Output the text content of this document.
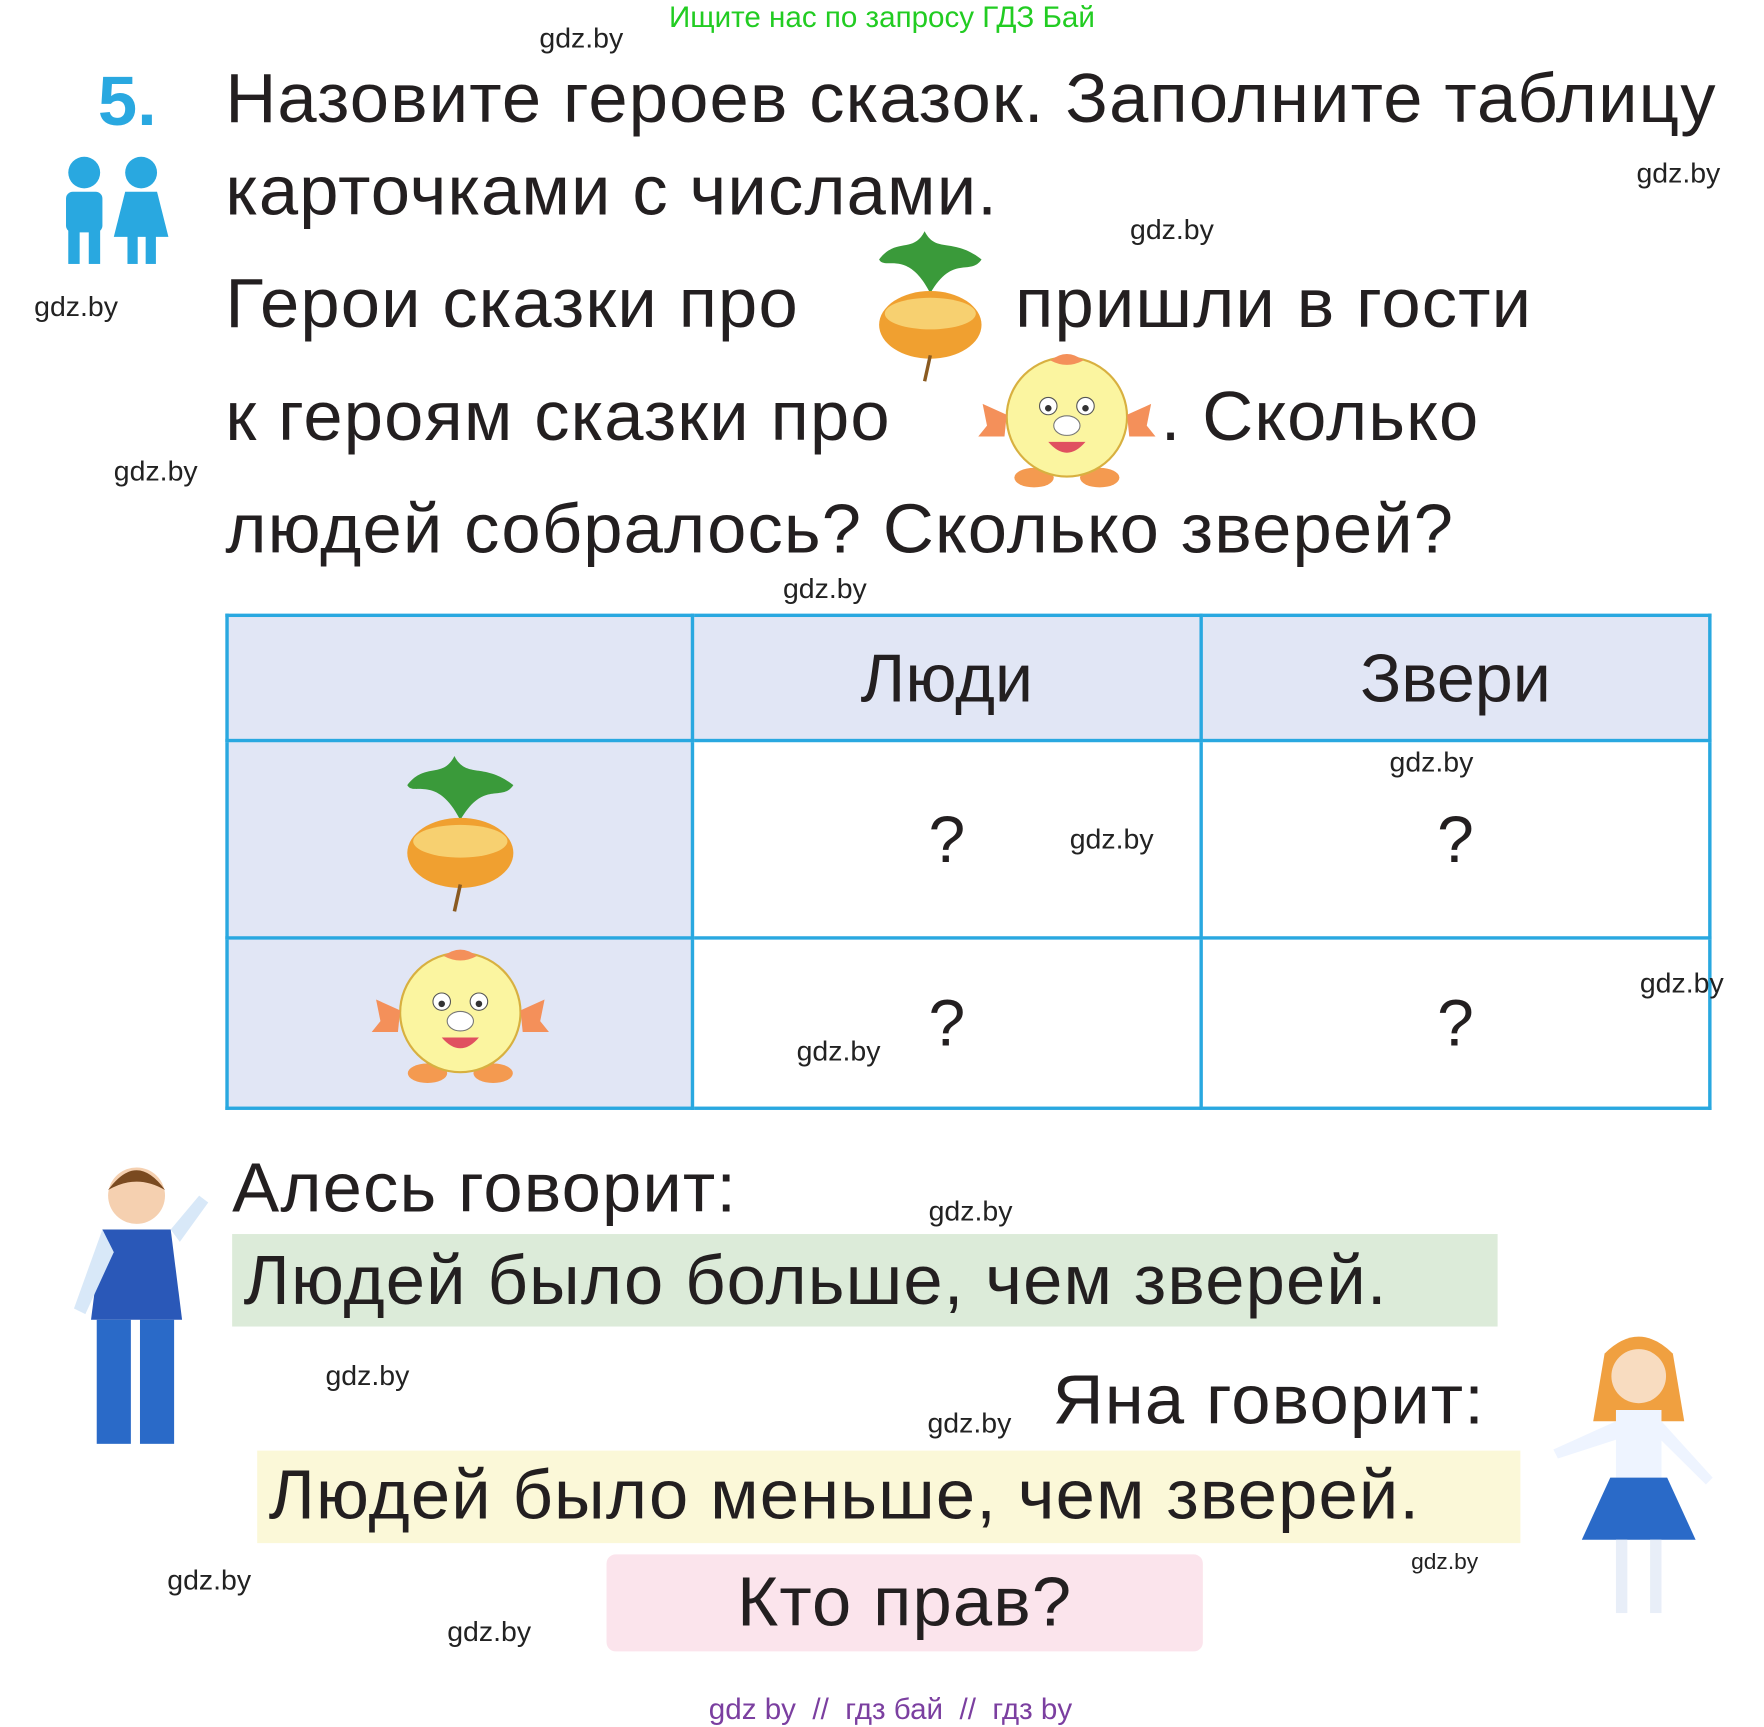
Ищите нас по запросу ГДЗ Бай
5. Назовите героев сказок. Заполните таблицу
карточками с числами.
Герои сказки про	пришли в гости
к героям сказки про	. Сколько
людей собралось? Сколько зверей?
	Люди	Звери
	?	?
	?	?
Алесь говорит:
Людей было больше, чем зверей.
Яна говорит:
Людей было меньше, чем зверей.
Кто прав?
gdz.by
gdz.by
gdz.by
gdz.by
gdz.by
gdz.by
gdz.by
gdz.by
gdz.by
gdz.by
gdz.by
gdz.by
gdz.by
gdz.by
gdz.by
gdz.by
gdz by  //  гдз бай  //  гдз by
